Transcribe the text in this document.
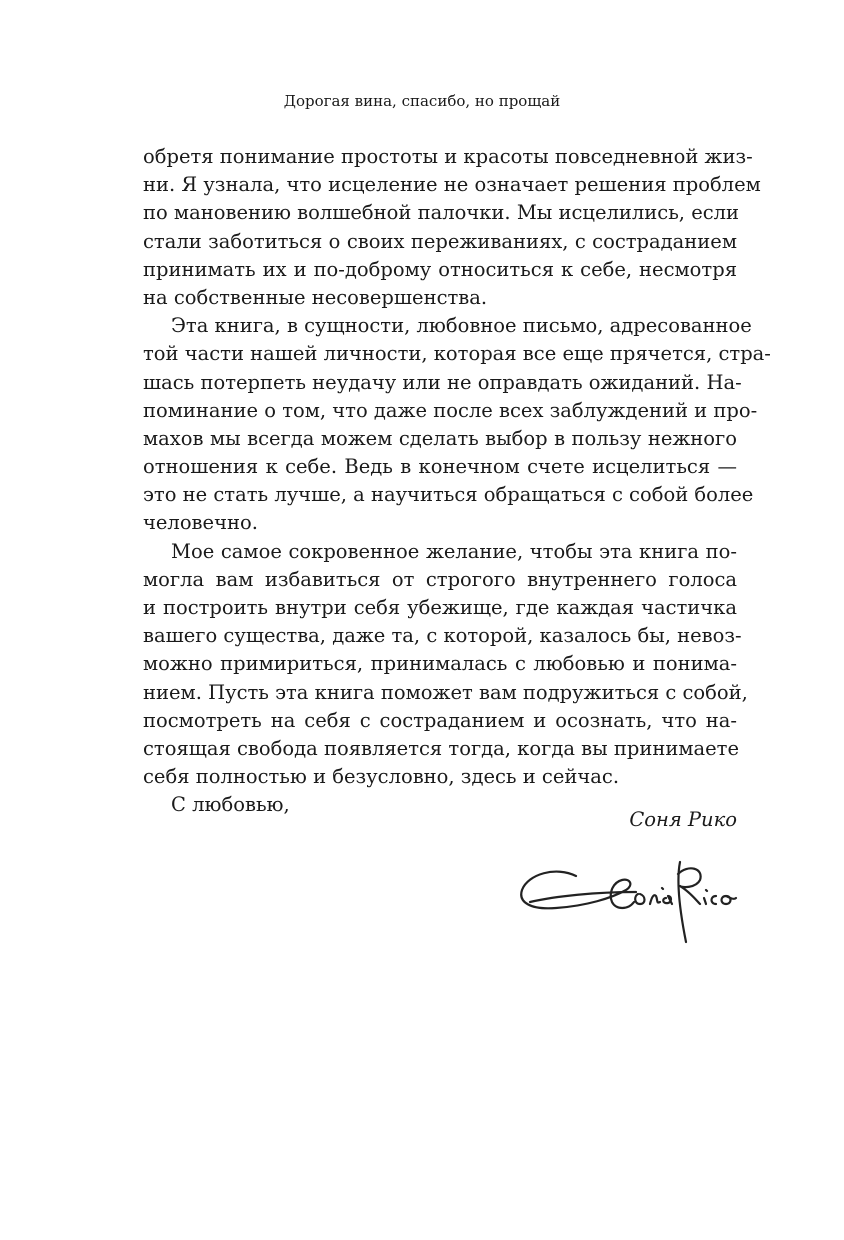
Дорогая вина, спасибо, но прощай
обретя понимание простоты и красоты повседневной жиз-
ни. Я узнала, что исцеление не означает решения проблем
по мановению волшебной палочки. Мы исцелились, если
стали заботиться о своих переживаниях, с состраданием
принимать их и по-доброму относиться к себе, несмотря
на собственные несовершенства.
Эта книга, в сущности, любовное письмо, адресованное
той части нашей личности, которая все еще прячется, стра-
шась потерпеть неудачу или не оправдать ожиданий. На-
поминание о том, что даже после всех заблуждений и про-
махов мы всегда можем сделать выбор в пользу нежного
отношения к себе. Ведь в конечном счете исцелиться —
это не стать лучше, а научиться обращаться с собой более
человечно.
Мое самое сокровенное желание, чтобы эта книга по-
могла вам избавиться от строгого внутреннего голоса
и построить внутри себя убежище, где каждая частичка
вашего существа, даже та, с которой, казалось бы, невоз-
можно примириться, принималась с любовью и понима-
нием. Пусть эта книга поможет вам подружиться с собой,
посмотреть на себя с состраданием и осознать, что на-
стоящая свобода появляется тогда, когда вы принимаете
себя полностью и безусловно, здесь и сейчас.
С любовью,
Соня Рико
